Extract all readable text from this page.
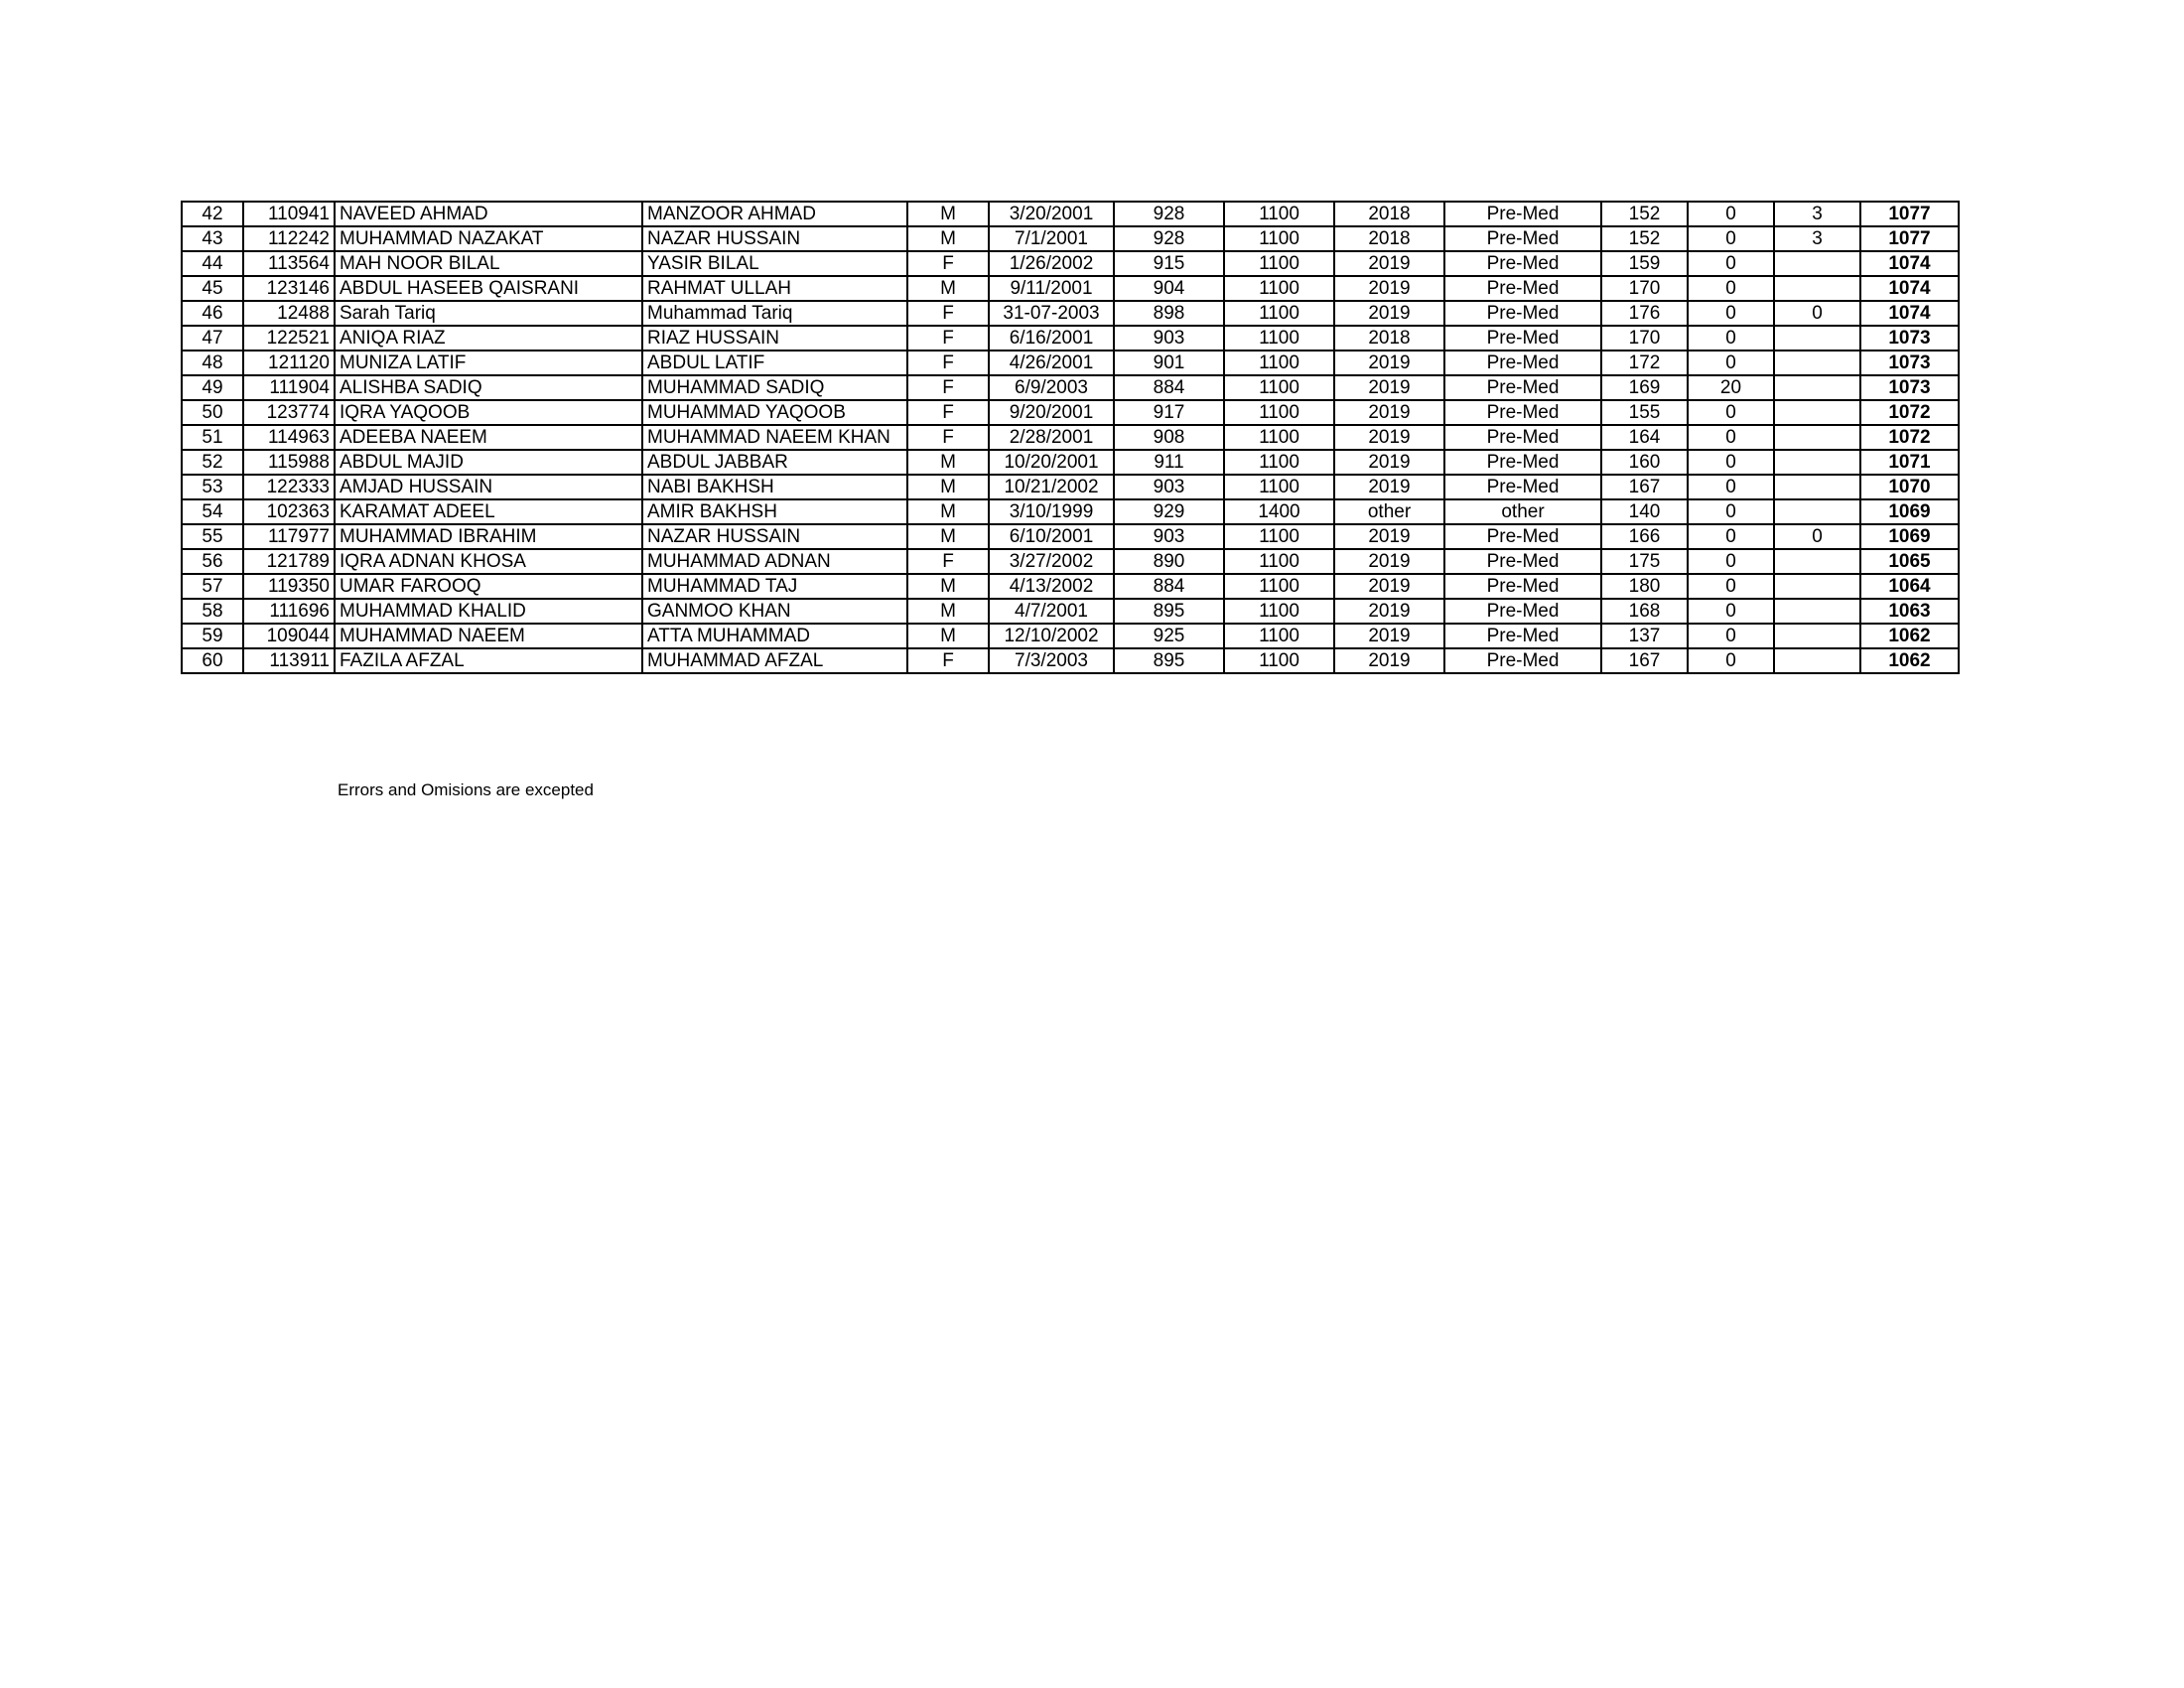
42	110941	NAVEED AHMAD	MANZOOR AHMAD	M	3/20/2001	928	1100	2018	Pre-Med	152	0	3	1077
43	112242	MUHAMMAD NAZAKAT	NAZAR HUSSAIN	M	7/1/2001	928	1100	2018	Pre-Med	152	0	3	1077
44	113564	MAH NOOR BILAL	YASIR BILAL	F	1/26/2002	915	1100	2019	Pre-Med	159	0		1074
45	123146	ABDUL HASEEB QAISRANI	RAHMAT ULLAH	M	9/11/2001	904	1100	2019	Pre-Med	170	0		1074
46	12488	Sarah Tariq	Muhammad Tariq	F	31-07-2003	898	1100	2019	Pre-Med	176	0	0	1074
47	122521	ANIQA RIAZ	RIAZ HUSSAIN	F	6/16/2001	903	1100	2018	Pre-Med	170	0		1073
48	121120	MUNIZA LATIF	ABDUL LATIF	F	4/26/2001	901	1100	2019	Pre-Med	172	0		1073
49	111904	ALISHBA SADIQ	MUHAMMAD SADIQ	F	6/9/2003	884	1100	2019	Pre-Med	169	20		1073
50	123774	IQRA YAQOOB	MUHAMMAD YAQOOB	F	9/20/2001	917	1100	2019	Pre-Med	155	0		1072
51	114963	ADEEBA NAEEM	MUHAMMAD NAEEM KHAN	F	2/28/2001	908	1100	2019	Pre-Med	164	0		1072
52	115988	ABDUL MAJID	ABDUL JABBAR	M	10/20/2001	911	1100	2019	Pre-Med	160	0		1071
53	122333	AMJAD HUSSAIN	NABI BAKHSH	M	10/21/2002	903	1100	2019	Pre-Med	167	0		1070
54	102363	KARAMAT ADEEL	AMIR BAKHSH	M	3/10/1999	929	1400	other	other	140	0		1069
55	117977	MUHAMMAD IBRAHIM	NAZAR HUSSAIN	M	6/10/2001	903	1100	2019	Pre-Med	166	0	0	1069
56	121789	IQRA ADNAN KHOSA	MUHAMMAD ADNAN	F	3/27/2002	890	1100	2019	Pre-Med	175	0		1065
57	119350	UMAR FAROOQ	MUHAMMAD TAJ	M	4/13/2002	884	1100	2019	Pre-Med	180	0		1064
58	111696	MUHAMMAD KHALID	GANMOO KHAN	M	4/7/2001	895	1100	2019	Pre-Med	168	0		1063
59	109044	MUHAMMAD NAEEM	ATTA MUHAMMAD	M	12/10/2002	925	1100	2019	Pre-Med	137	0		1062
60	113911	FAZILA AFZAL	MUHAMMAD AFZAL	F	7/3/2003	895	1100	2019	Pre-Med	167	0		1062
Errors and Omisions are excepted
